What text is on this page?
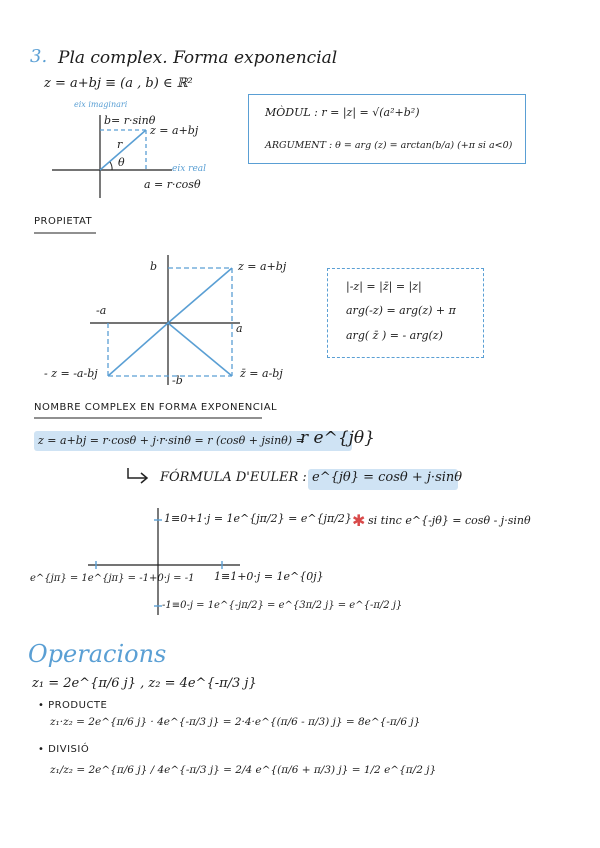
3. Pla complex. Forma exponencial
z = a+bj ≡ (a , b) ∈ ℝ²
✱
eix imaginari
b= r·sinθ
z = a+bj
r
θ	eix real
a = r·cosθ
MÒDUL : r = |z| = √(a²+b²)
ARGUMENT : θ = arg (z) = arctan(b/a) (+π si a<0)
PROPIETAT
b	z = a+bj
-a
a
-b
- z = -a-bj	z̄ = a-bj
|-z| = |z̄| = |z|
arg(-z) = arg(z) + π
arg( z̄ ) = - arg(z)
NOMBRE COMPLEX EN FORMA EXPONENCIAL
z = a+bj = r·cosθ + j·r·sinθ = r (cosθ + jsinθ) =
r e^{jθ}
FÓRMULA D'EULER : e^{jθ} = cosθ + j·sinθ
1≡0+1·j = 1e^{jπ/2} = e^{jπ/2}
e^{jπ} = 1e^{jπ} = -1+0·j = -1 1≡1+0·j = 1e^{0j}
-1≡0-j = 1e^{-jπ/2} = e^{3π/2 j} = e^{-π/2 j}
si tinc e^{-jθ} = cosθ - j·sinθ
Operacions
z₁ = 2e^{π/6 j} , z₂ = 4e^{-π/3 j}
• PRODUCTE
z₁·z₂ = 2e^{π/6 j} · 4e^{-π/3 j} = 2·4·e^{(π/6 - π/3) j} = 8e^{-π/6 j}
• DIVISIÓ
z₁/z₂ = 2e^{π/6 j} / 4e^{-π/3 j} = 2/4 e^{(π/6 + π/3) j} = 1/2 e^{π/2 j}
